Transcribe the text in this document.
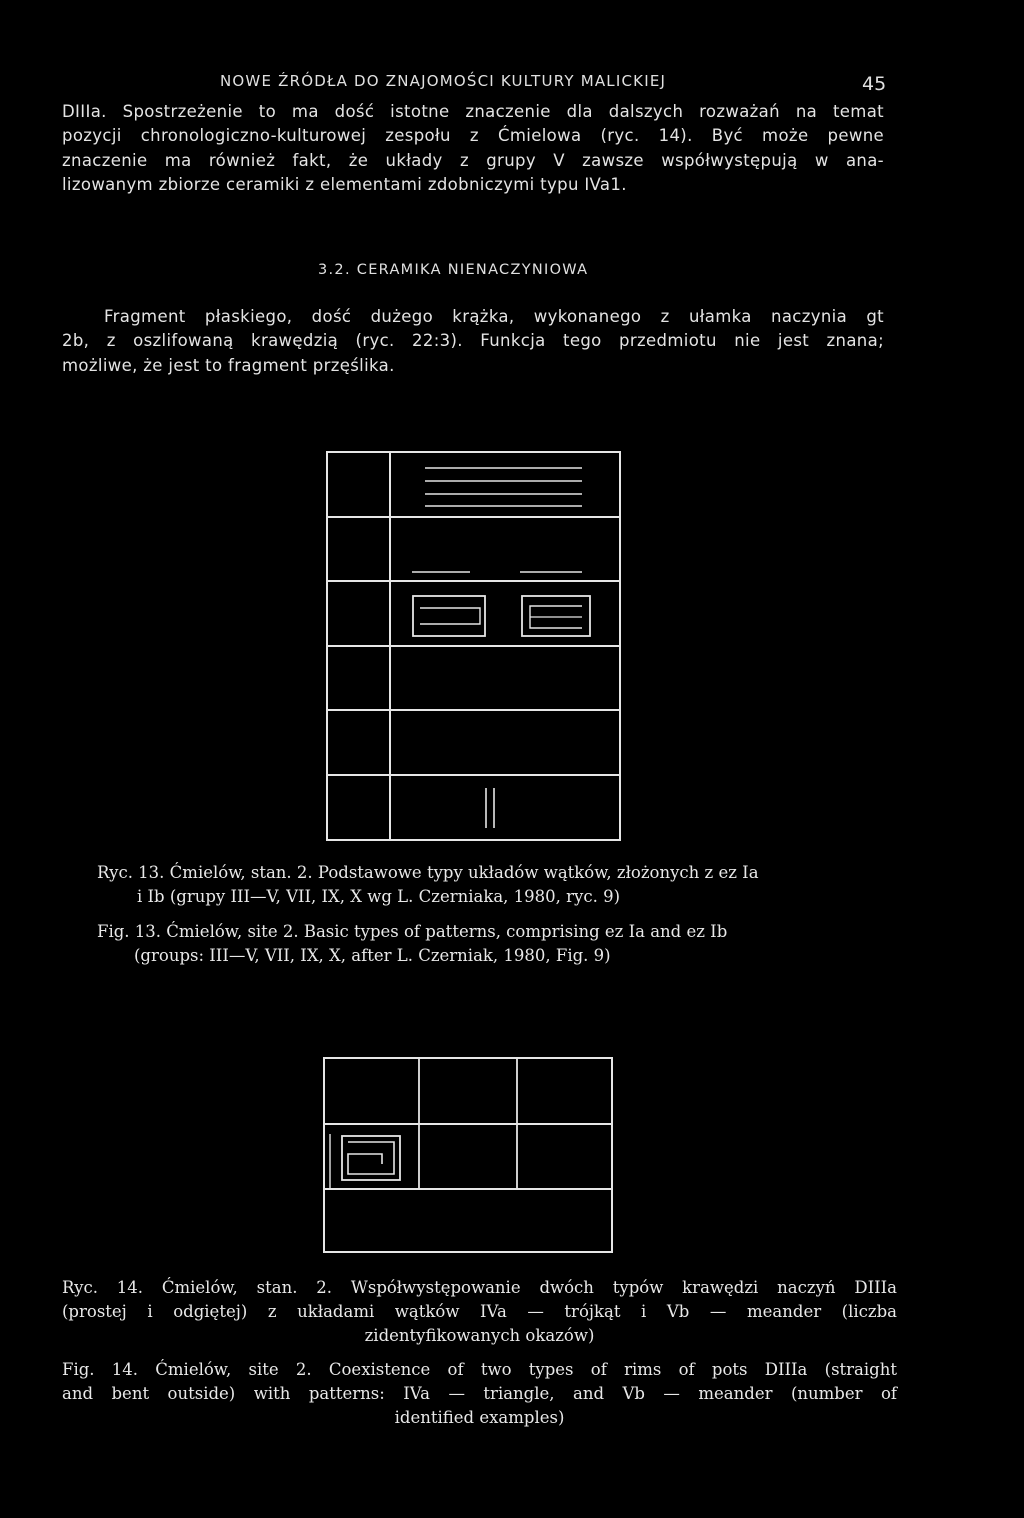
NOWE ŹRÓDŁA DO ZNAJOMOŚCI KULTURY MALICKIEJ	45
DIIIa. Spostrzeżenie to ma dość istotne znaczenie dla dalszych rozważań na temat
pozycji chronologiczno-kulturowej zespołu z Ćmielowa (ryc. 14). Być może pewne
znaczenie ma również fakt, że układy z grupy V zawsze współwystępują w ana-
lizowanym zbiorze ceramiki z elementami zdobniczymi typu IVa1.
3.2. CERAMIKA NIENACZYNIOWA
Fragment płaskiego, dość dużego krążka, wykonanego z ułamka naczynia gt
2b, z oszlifowaną krawędzią (ryc. 22:3). Funkcja tego przedmiotu nie jest znana;
możliwe, że jest to fragment przęślika.
Ryc. 13. Ćmielów, stan. 2. Podstawowe typy układów wątków, złożonych z ez Ia
i Ib (grupy III—V, VII, IX, X wg L. Czerniaka, 1980, ryc. 9)
Fig. 13. Ćmielów, site 2. Basic types of patterns, comprising ez Ia and ez Ib
(groups: III—V, VII, IX, X, after L. Czerniak, 1980, Fig. 9)
Ryc. 14. Ćmielów, stan. 2. Współwystępowanie dwóch typów krawędzi naczyń DIIIa
(prostej i odgiętej) z układami wątków IVa — trójkąt i Vb — meander (liczba
zidentyfikowanych okazów)
Fig. 14. Ćmielów, site 2. Coexistence of two types of rims of pots DIIIa (straight
and bent outside) with patterns: IVa — triangle, and Vb — meander (number of
identified examples)
